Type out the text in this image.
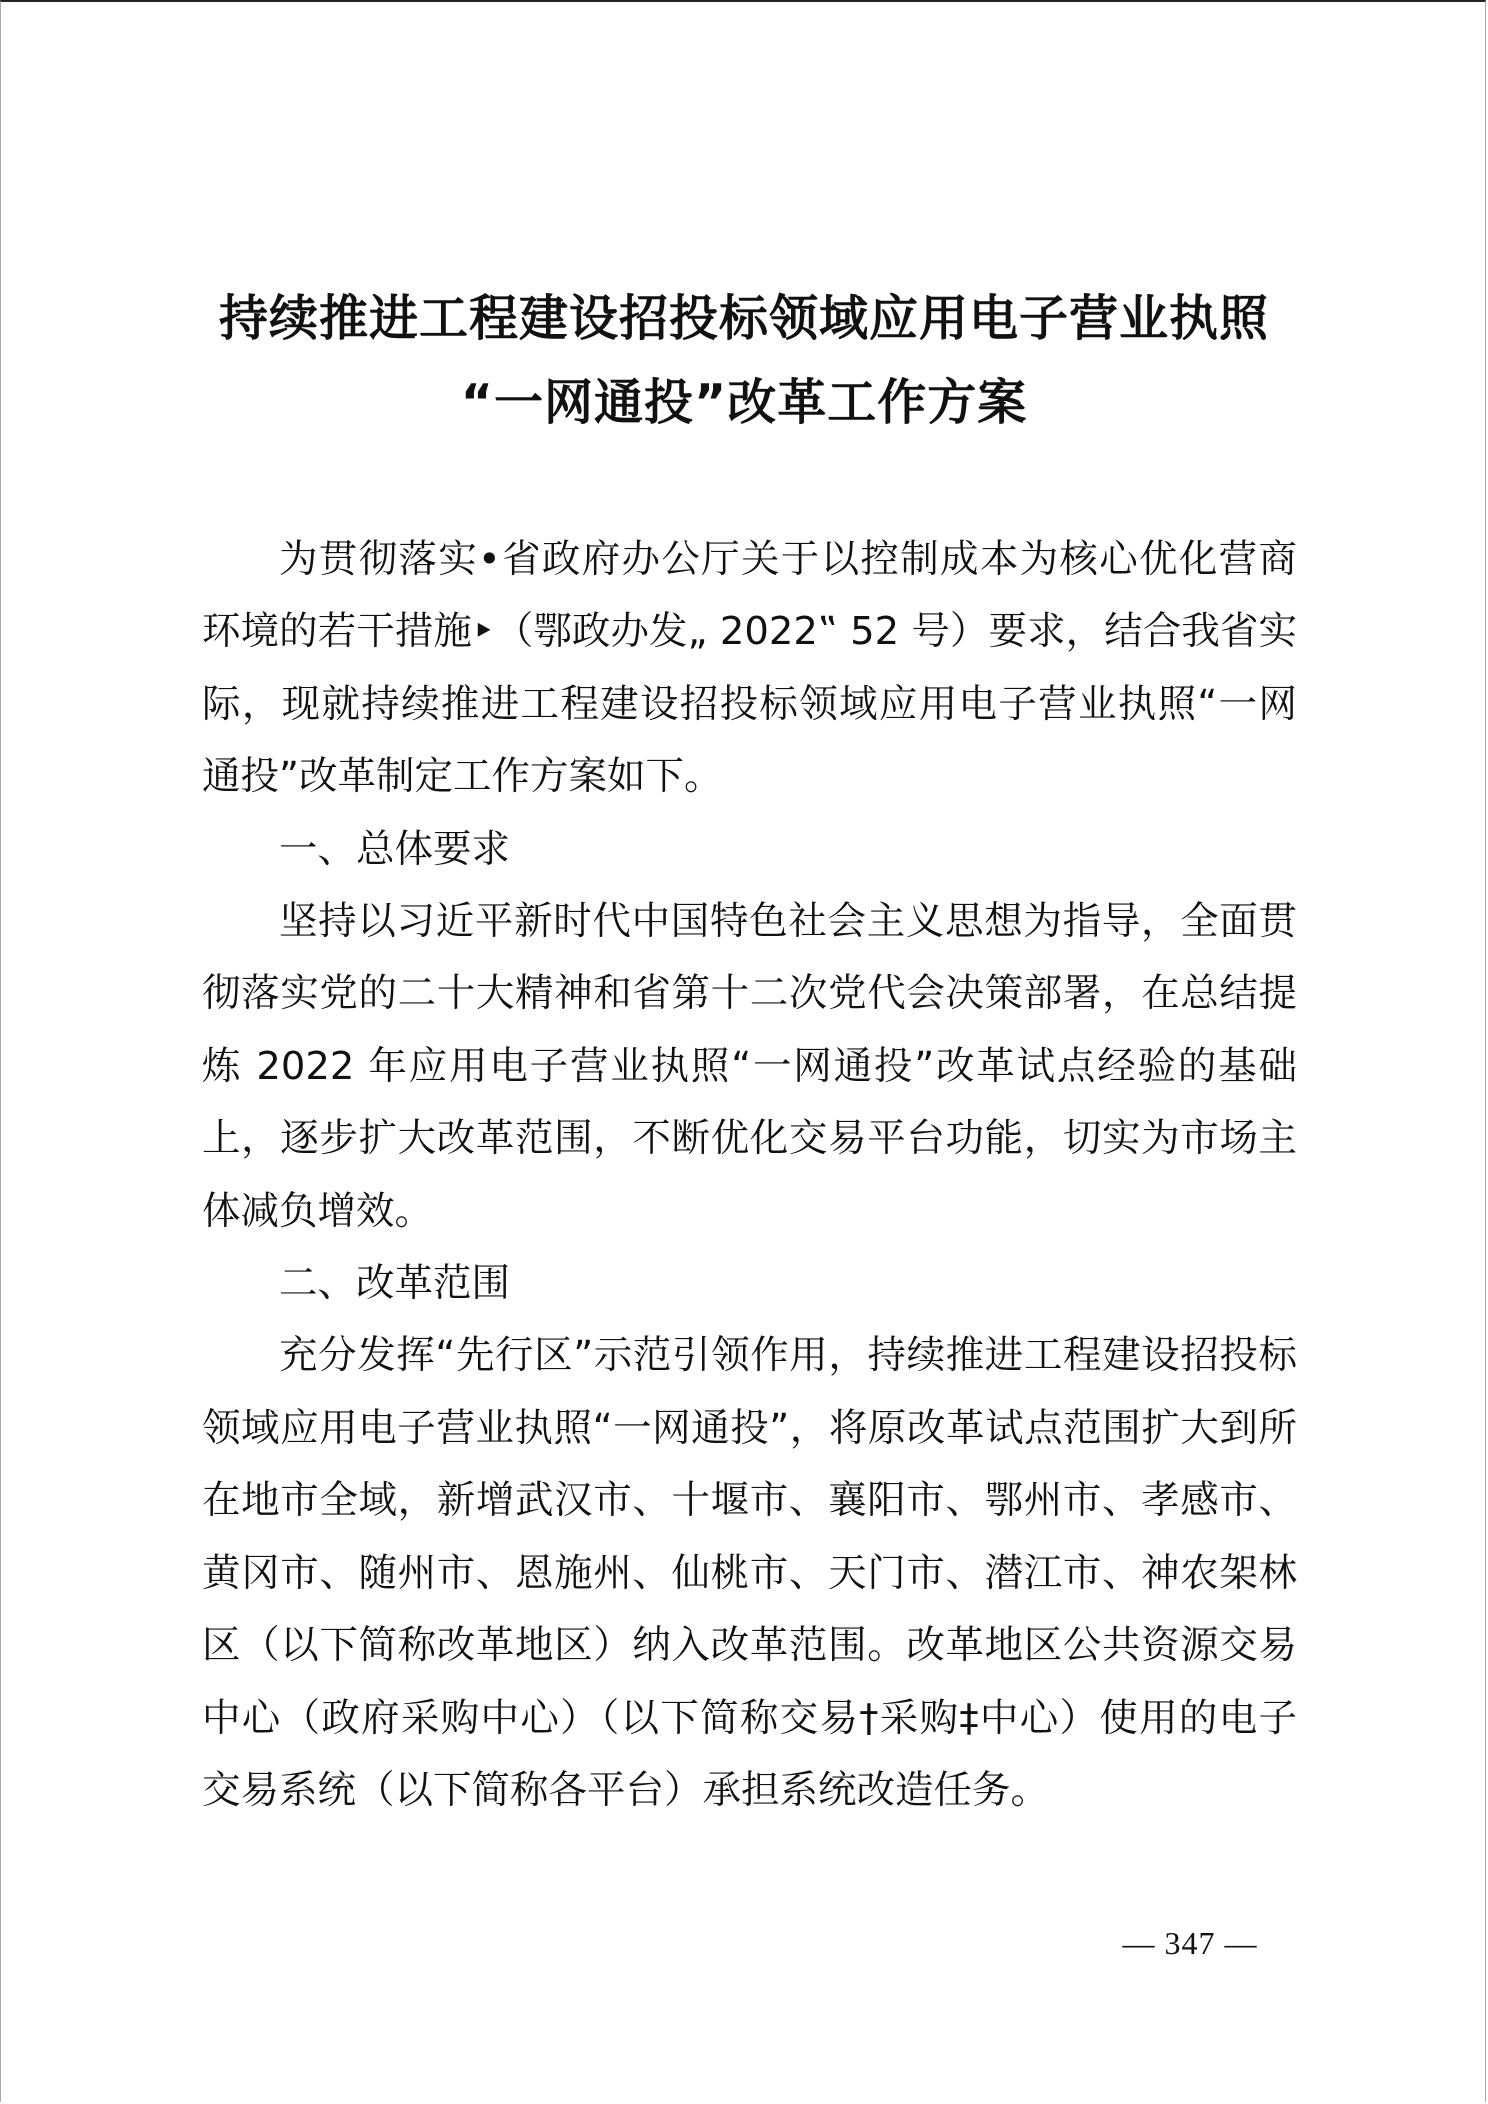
持续推进工程建设招投标领域应用电子营业执照
“一网通投”改革工作方案

为贯彻落实•省政府办公厅关于以控制成本为核心优化营商环境的若干措施‣（鄂政办发„ 2022‟ 52 号）要求，结合我省实际，现就持续推进工程建设招投标领域应用电子营业执照“一网通投”改革制定工作方案如下。

一、总体要求

坚持以习近平新时代中国特色社会主义思想为指导，全面贯彻落实党的二十大精神和省第十二次党代会决策部署，在总结提炼 2022 年应用电子营业执照“一网通投”改革试点经验的基础上，逐步扩大改革范围，不断优化交易平台功能，切实为市场主体减负增效。

二、改革范围

充分发挥“先行区”示范引领作用，持续推进工程建设招投标领域应用电子营业执照“一网通投”，将原改革试点范围扩大到所在地市全域，新增武汉市、十堰市、襄阳市、鄂州市、孝感市、黄冈市、随州市、恩施州、仙桃市、天门市、潜江市、神农架林区（以下简称改革地区）纳入改革范围。改革地区公共资源交易中心（政府采购中心）（以下简称交易†采购‡中心）使用的电子交易系统（以下简称各平台）承担系统改造任务。

— 347 —
